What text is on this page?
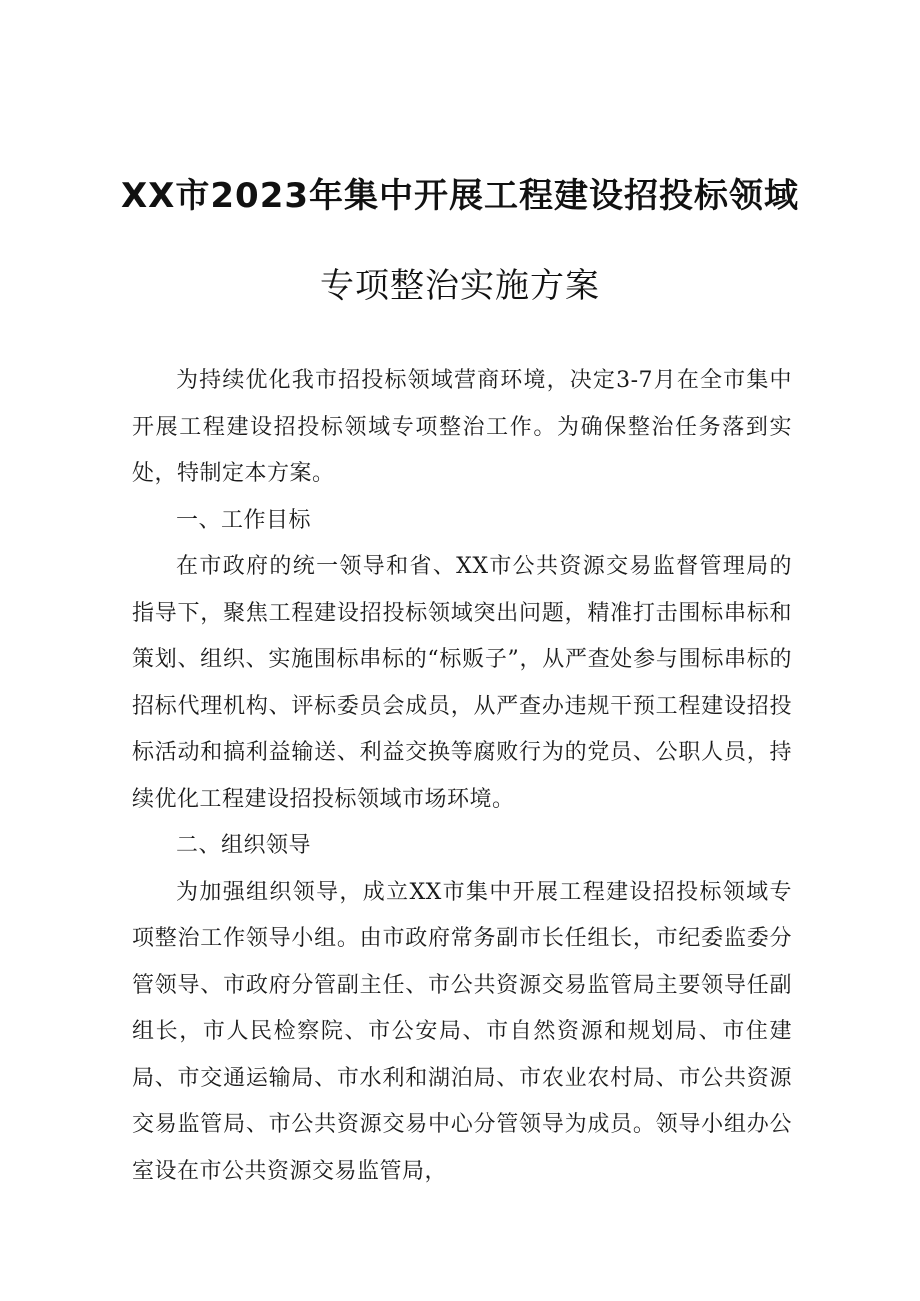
XX市2023年集中开展工程建设招投标领域
专项整治实施方案

为持续优化我市招投标领域营商环境，决定3-7月在全市集中开展工程建设招投标领域专项整治工作。为确保整治任务落到实处，特制定本方案。

一、工作目标

在市政府的统一领导和省、XX市公共资源交易监督管理局的指导下，聚焦工程建设招投标领域突出问题，精准打击围标串标和策划、组织、实施围标串标的“标贩子”，从严查处参与围标串标的招标代理机构、评标委员会成员，从严查办违规干预工程建设招投标活动和搞利益输送、利益交换等腐败行为的党员、公职人员，持续优化工程建设招投标领域市场环境。

二、组织领导

为加强组织领导，成立XX市集中开展工程建设招投标领域专项整治工作领导小组。由市政府常务副市长任组长，市纪委监委分管领导、市政府分管副主任、市公共资源交易监管局主要领导任副组长，市人民检察院、市公安局、市自然资源和规划局、市住建局、市交通运输局、市水利和湖泊局、市农业农村局、市公共资源交易监管局、市公共资源交易中心分管领导为成员。领导小组办公室设在市公共资源交易监管局，
